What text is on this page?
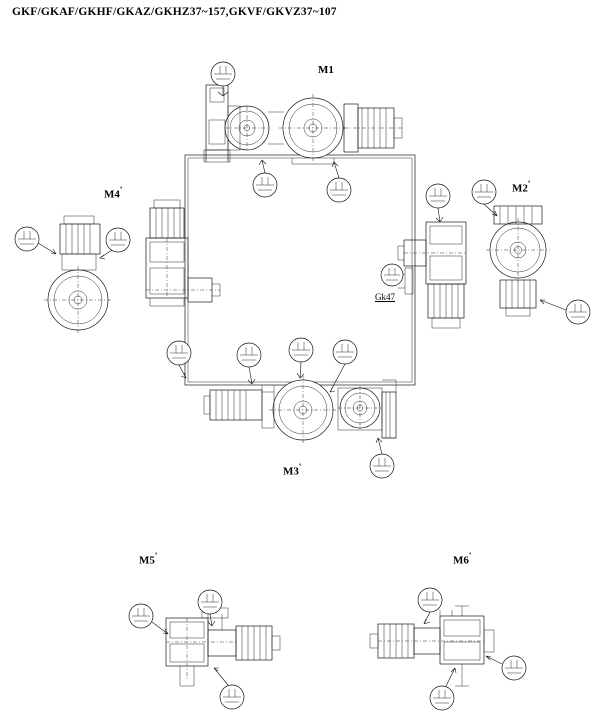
GKF/GKAF/GKHF/GKAZ/GKHZ37~157,GKVF/GKVZ37~107
M1
M2˚
M3˚
M4˚
M5˚	M6˚
Gk47
